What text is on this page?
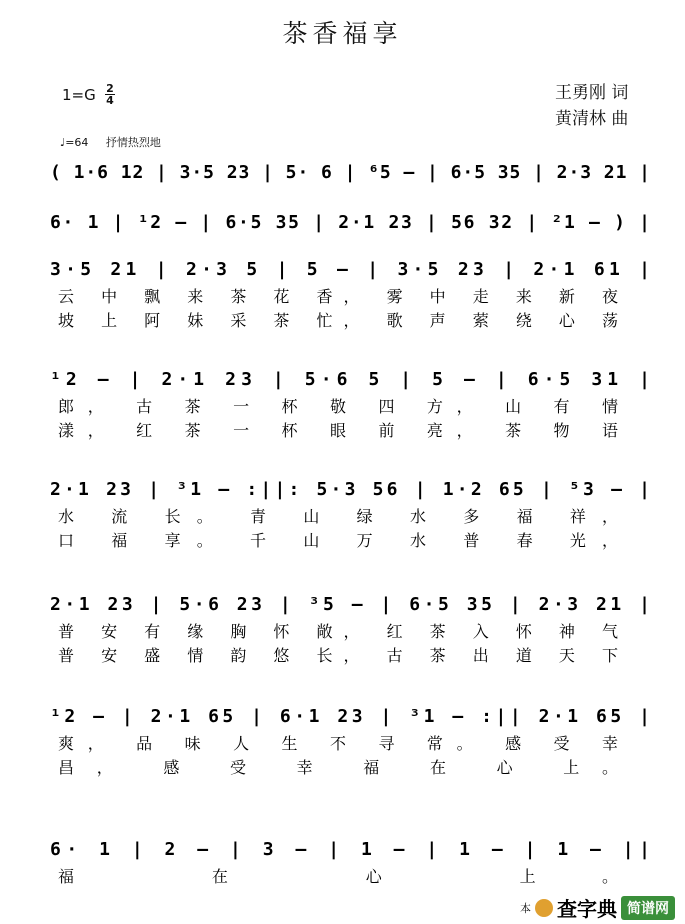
茶香福享
1=G 2
4	王勇刚 词
黄清林 曲
♩=64 抒情热烈地
( 1·6 12 | 3·5 23 | 5· 6 | ⁶5 – | 6·5 35 | 2·3 21 |
6· 1 | ¹2 – | 6·5 35 | 2·1 23 | 56 32 | ²1 – ) |
3·5 21 | 2·3 5 | 5 – | 3·5 23 | 2·1 61 |
云 中 飘 来 茶 花 香， 雾 中 走 来 新 夜
坡 上 阿 妹 采 茶 忙， 歌 声 萦 绕 心 荡
¹2 – | 2·1 23 | 5·6 5 | 5 – | 6·5 31 |
郎， 古 茶 一 杯 敬 四 方， 山 有 情
漾， 红 茶 一 杯 眼 前 亮， 茶 物 语
2·1 23 | ³1 – :||: 5·3 56 | 1·2 65 | ⁵3 – |
水 流 长。 青 山 绿 水 多 福 祥，
口 福 享。 千 山 万 水 普 春 光，
2·1 23 | 5·6 23 | ³5 – | 6·5 35 | 2·3 21 |
普 安 有 缘 胸 怀 敞， 红 茶 入 怀 神 气
普 安 盛 情 韵 悠 长， 古 茶 出 道 天 下
¹2 – | 2·1 65 | 6·1 23 | ³1 – :|| 2·1 65 |
爽， 品 味 人 生 不 寻 常。 感 受 幸
昌， 感 受 幸 福 在 心 上。
6· 1 | 2 – | 3 – | 1 – | 1 – | 1 – ||
福 在 心 上。
本 查字典 简谱网
